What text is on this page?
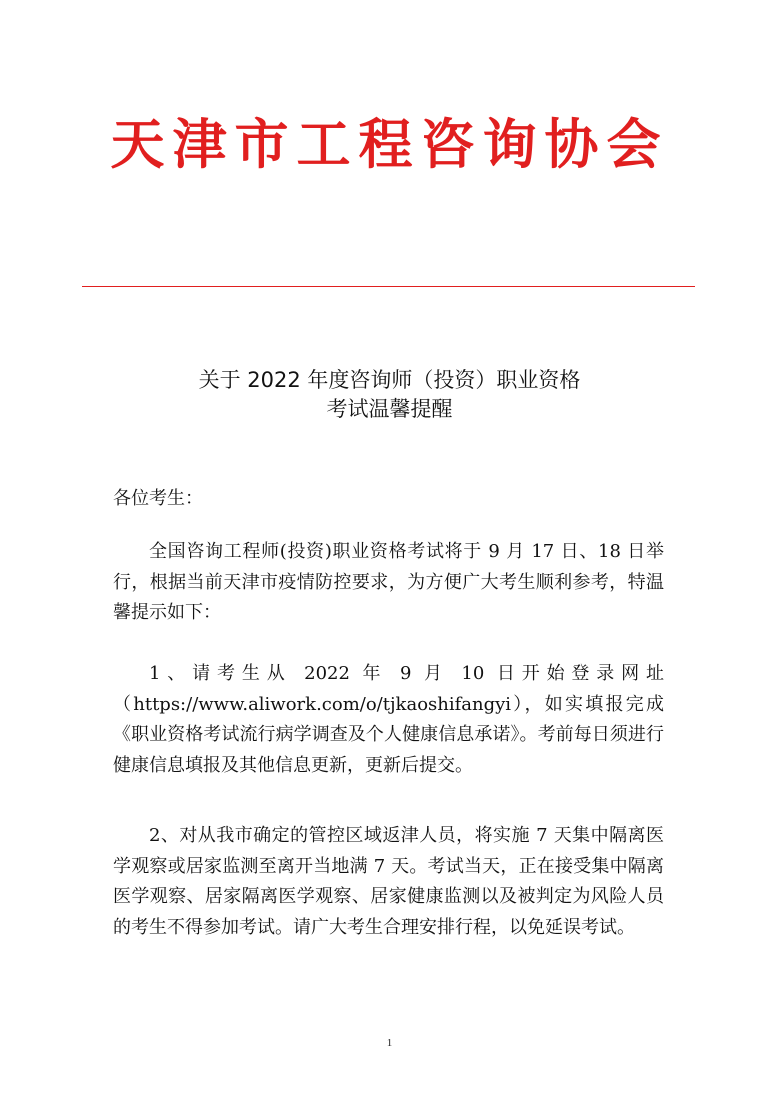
天津市工程咨询协会
关于 2022 年度咨询师（投资）职业资格
考试温馨提醒
各位考生：
全国咨询工程师(投资)职业资格考试将于 9 月 17 日、18 日举行，根据当前天津市疫情防控要求，为方便广大考生顺利参考，特温馨提示如下：
1、请考生从 2022 年 9 月 10 日开始登录网址（https://www.aliwork.com/o/tjkaoshifangyi），如实填报完成《职业资格考试流行病学调查及个人健康信息承诺》。考前每日须进行健康信息填报及其他信息更新，更新后提交。
2、对从我市确定的管控区域返津人员，将实施 7 天集中隔离医学观察或居家监测至离开当地满 7 天。考试当天，正在接受集中隔离医学观察、居家隔离医学观察、居家健康监测以及被判定为风险人员的考生不得参加考试。请广大考生合理安排行程，以免延误考试。
1
